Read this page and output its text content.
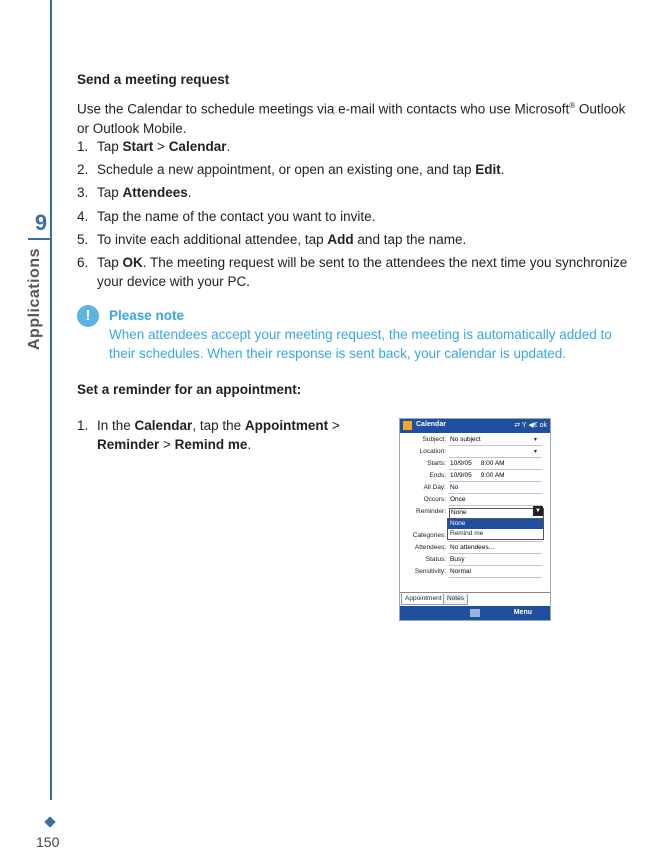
9
Applications
150
Send a meeting request
Use the Calendar to schedule meetings via e-mail with contacts who use Microsoft® Outlook
or Outlook Mobile.
1. Tap Start > Calendar.
2. Schedule a new appointment, or open an existing one, and tap Edit.
3. Tap Attendees.
4. Tap the name of the contact you want to invite.
5. To invite each additional attendee, tap Add and tap the name.
6. Tap OK. The meeting request will be sent to the attendees the next time you synchronize
your device with your PC.
!	Please note
When attendees accept your meeting request, the meeting is automatically added to
their schedules. When their response is sent back, your calendar is updated.
Set a reminder for an appointment:
1. In the Calendar, tap the Appointment >
Reminder > Remind me.
Calendar	⇄ Y ◀€ ok
Subject: No subject	▾
Location:	▾
Starts: 10/9/05     8:00 AM
Ends: 10/9/05     9:00 AM
All Day: No
Occurs: Once
Reminder: None	▼
None
Remind me
Categories:
Attendees: No attendees...
Status: Busy
Sensitivity: Normal
Appointment Notes
Menu
